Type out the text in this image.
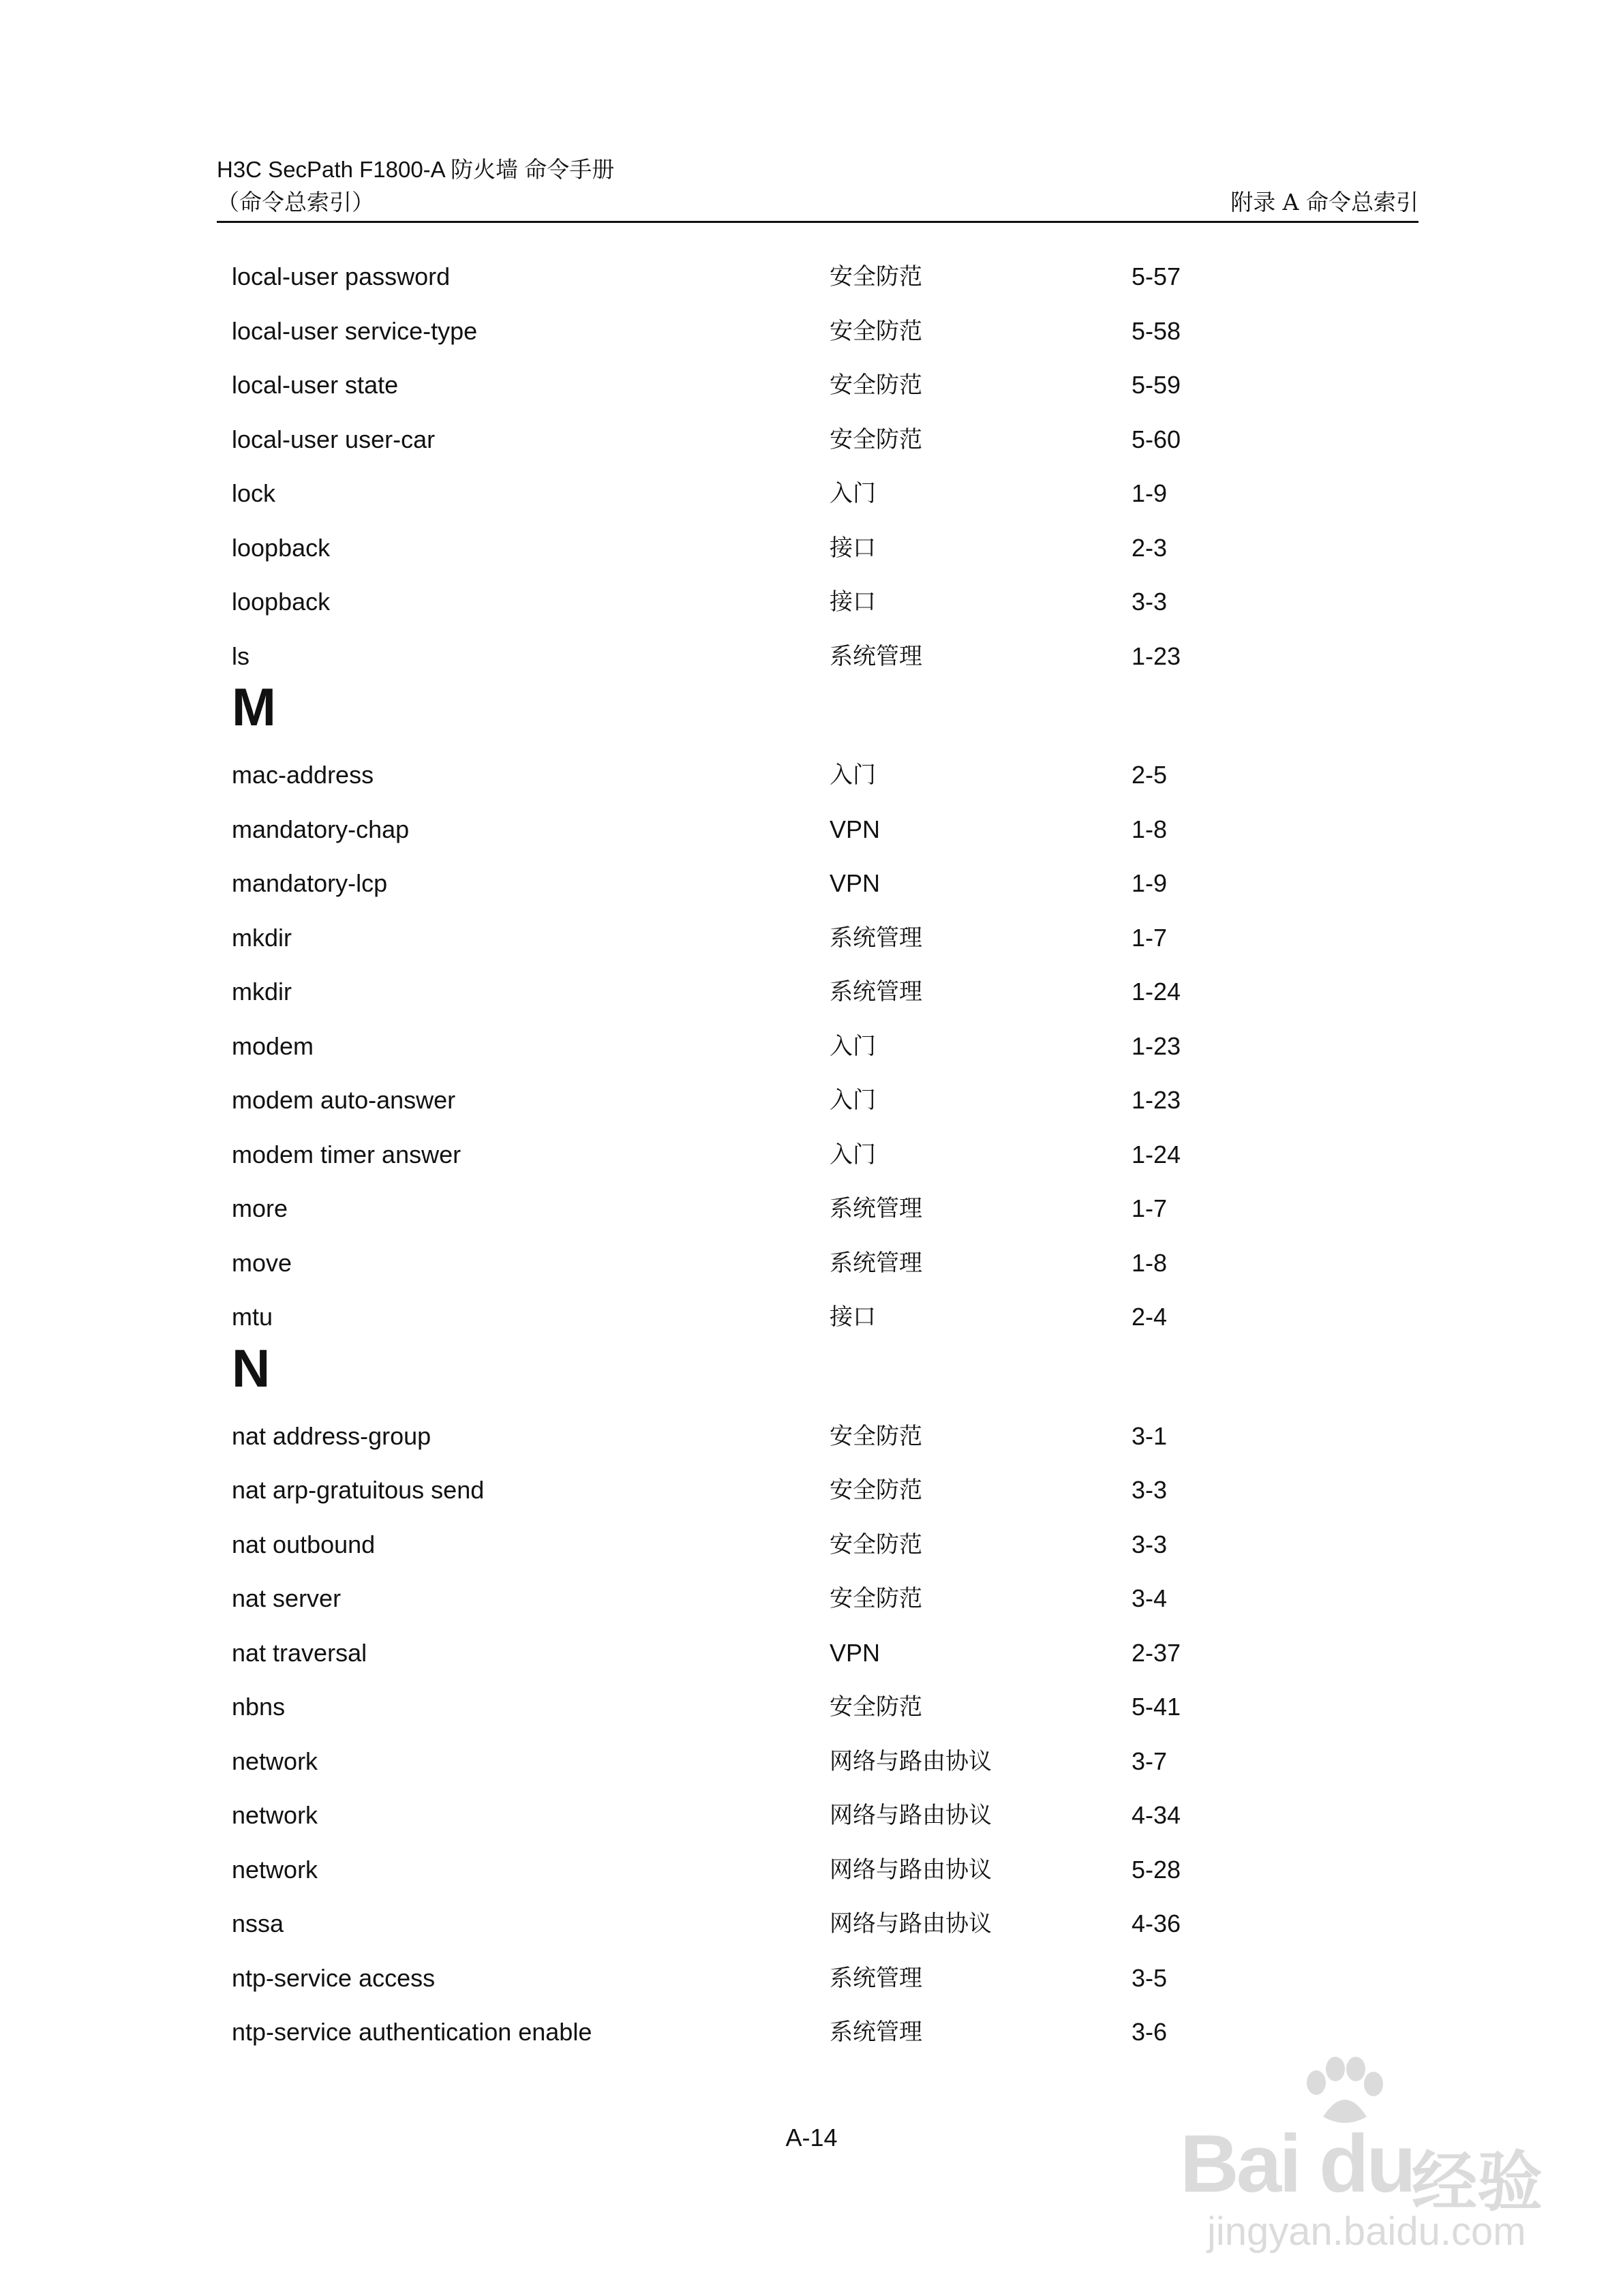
H3C SecPath F1800-A 防火墙 命令手册
（命令总索引）	附录 A 命令总索引
local-user password	安全防范	5-57
local-user service-type	安全防范	5-58
local-user state	安全防范	5-59
local-user user-car	安全防范	5-60
lock	入门	1-9
loopback	接口	2-3
loopback	接口	3-3
ls	系统管理	1-23
M
mac-address	入门	2-5
mandatory-chap	VPN	1-8
mandatory-lcp	VPN	1-9
mkdir	系统管理	1-7
mkdir	系统管理	1-24
modem	入门	1-23
modem auto-answer	入门	1-23
modem timer answer	入门	1-24
more	系统管理	1-7
move	系统管理	1-8
mtu	接口	2-4
N
nat address-group	安全防范	3-1
nat arp-gratuitous send	安全防范	3-3
nat outbound	安全防范	3-3
nat server	安全防范	3-4
nat traversal	VPN	2-37
nbns	安全防范	5-41
network	网络与路由协议	3-7
network	网络与路由协议	4-34
network	网络与路由协议	5-28
nssa	网络与路由协议	4-36
ntp-service access	系统管理	3-5
ntp-service authentication enable	系统管理	3-6
A-14	Bai du
经验
jingyan.baidu.com
